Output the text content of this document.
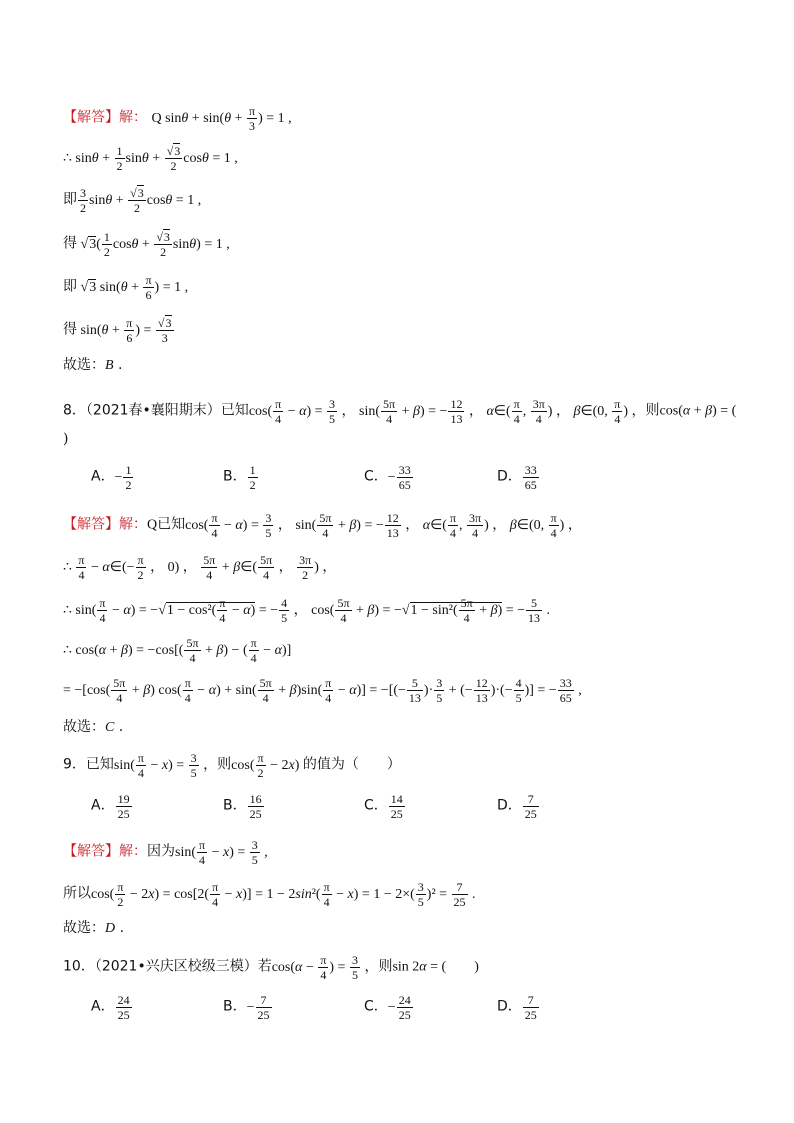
【解答】解： Q $\sin\theta + \sin(\theta + \frac{\pi}{3}$ ) = 1 ,
∴ $\sin\theta + \frac{1}{2}$ $\sin\theta + \frac{√3}{2}$ cosθ = 1 ,
即 $\frac{3}{2}$ $\sin\theta + \frac{√3}{2}$ cosθ = 1 ,
得 $√3( \frac{1}{2}$ $\cos\theta + \frac{√3}{2} \sin\theta) = 1$ ,
即 √3 $\sin(\theta + \frac{\pi}{6}$ ) = 1 ,
得 $\sin(\theta + \frac{\pi}{6}$ ) = $\frac{√3}{3}$
故选：B .
8．（2021春•襄阳期末）已知$\cos( \frac{\pi}{4} - \alpha) = \frac{3}{5}$ ， $\sin( \frac{5\pi}{4} + \beta)$ = − $\frac{12}{13}$ ， α∈( $\frac{\pi}{4}$ , $\frac{3\pi}{4}$ ) ， β∈(0, $\frac{\pi}{4}$ ) ，则cos(α + β) = (
)
A．− $\frac{1}{2}$	B． $\frac{1}{2}$	C．− $\frac{33}{65}$	D． $\frac{33}{65}$
【解答】解：Q已知$\cos( \frac{\pi}{4} - \alpha) = \frac{3}{5}$ ， $\sin( \frac{5\pi}{4} + \beta)$ = − $\frac{12}{13}$ ， α∈( $\frac{\pi}{4}$ , $\frac{3\pi}{4}$ ) ， β∈(0, $\frac{\pi}{4}$ ) ，
∴ $\frac{\pi}{4}$ − α∈(− $\frac{\pi}{2}$ ， 0) ， $\frac{5\pi}{4}$ + β∈( $\frac{5\pi}{4}$ ， $\frac{3\pi}{2}$ ) ，
∴ $\sin( \frac{\pi}{4} - \alpha) = -√1 - \cos^2( \frac{\pi}{4} - \alpha)$ = − $\frac{4}{5}$ ， $\cos( \frac{5\pi}{4} + \beta) = -√1 - \sin^2( \frac{5\pi}{4} + \beta)$ = − $\frac{5}{13}$ .
∴ $\cos(\alpha + \beta) = -\cos[( \frac{5\pi}{4} + \beta)$ − ( $\frac{\pi}{4} - \alpha$)]
= $-[\cos( \frac{5\pi}{4} + \beta)$ $\cos( \frac{\pi}{4} - \alpha) + \sin( \frac{5\pi}{4} + \beta)\sin( \frac{\pi}{4} - \alpha)$] = −[(− $\frac{5}{13}$ )· $\frac{3}{5}$ + (− $\frac{12}{13}$ )·(− $\frac{4}{5}$ )] = − $\frac{33}{65}$ ,
故选：C .
9．已知$\sin( \frac{\pi}{4} - x) = \frac{3}{5}$ ，则$\cos( \frac{\pi}{2} - 2x)$ 的值为（　　）
A． $\frac{19}{25}$	B． $\frac{16}{25}$	C． $\frac{14}{25}$	D． $\frac{7}{25}$
【解答】解：因为$\sin( \frac{\pi}{4} - x) = \frac{3}{5}$ ,
所以$\cos( \frac{\pi}{2} - 2x) = \cos[2( \frac{\pi}{4} - x)] = 1 - 2\sin^2( \frac{\pi}{4} - x) = 1 - 2\times( \frac{3}{5} )^2 = \frac{7}{25}$ .
故选：D .
10．（2021•兴庆区校级三模）若$\cos(\alpha - \frac{\pi}{4}$ ) = $\frac{3}{5}$ ，则sin 2α = (　　)
A． $\frac{24}{25}$	B．− $\frac{7}{25}$	C．− $\frac{24}{25}$	D． $\frac{7}{25}$
